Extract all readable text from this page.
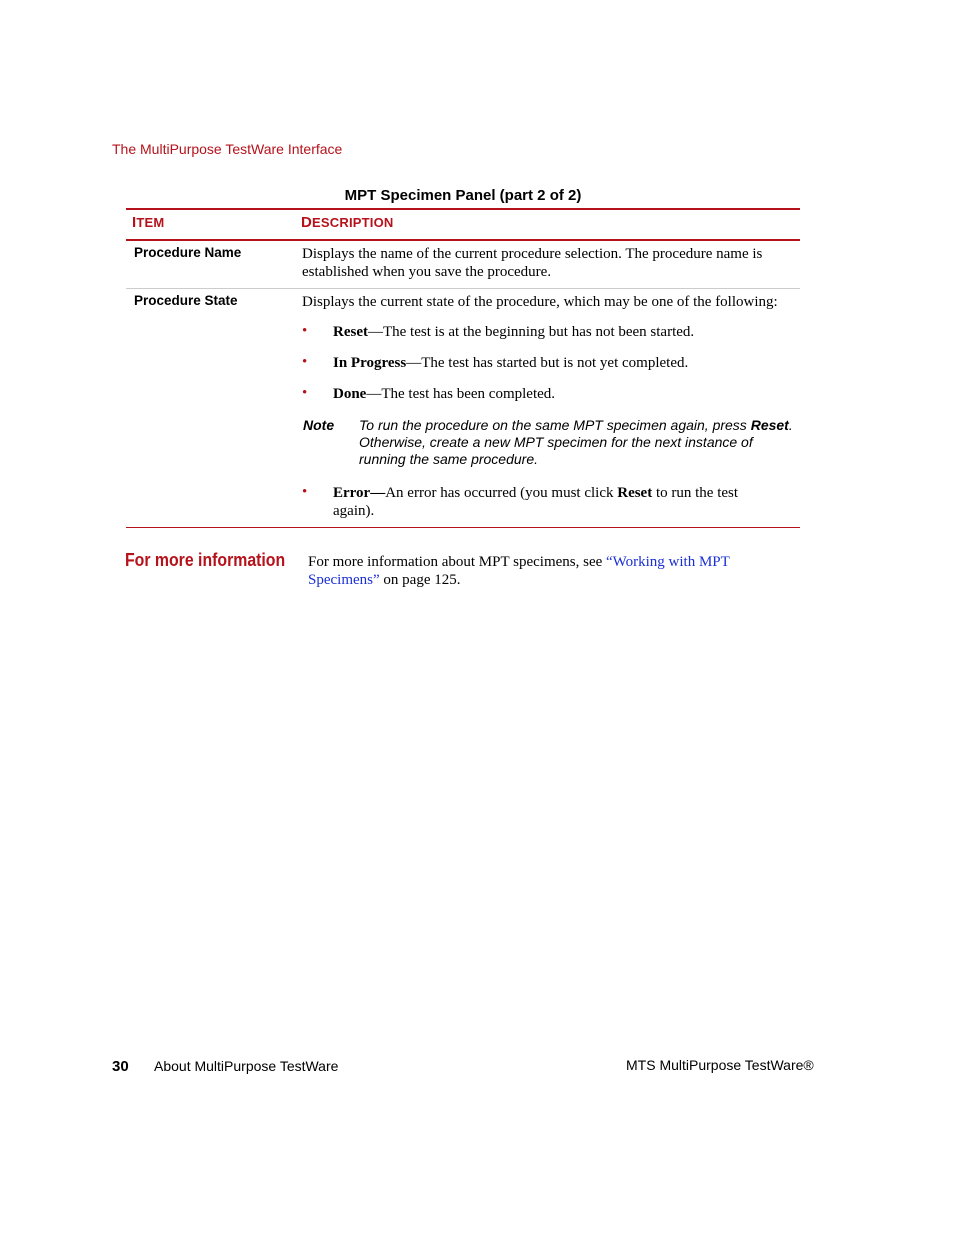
The MultiPurpose TestWare Interface
MPT Specimen Panel (part 2 of 2)
ITEM	DESCRIPTION
Procedure Name	Displays the name of the current procedure selection. The procedure name is
established when you save the procedure.
Procedure State	Displays the current state of the procedure, which may be one of the following:
• Reset—The test is at the beginning but has not been started.
• In Progress—The test has started but is not yet completed.
• Done—The test has been completed.
Note To run the procedure on the same MPT specimen again, press Reset.
Otherwise, create a new MPT specimen for the next instance of
running the same procedure.
• Error—An error has occurred (you must click Reset to run the test
again).
For more information For more information about MPT specimens, see “Working with MPT
Specimens” on page 125.
30 About MultiPurpose TestWare	MTS MultiPurpose TestWare®
